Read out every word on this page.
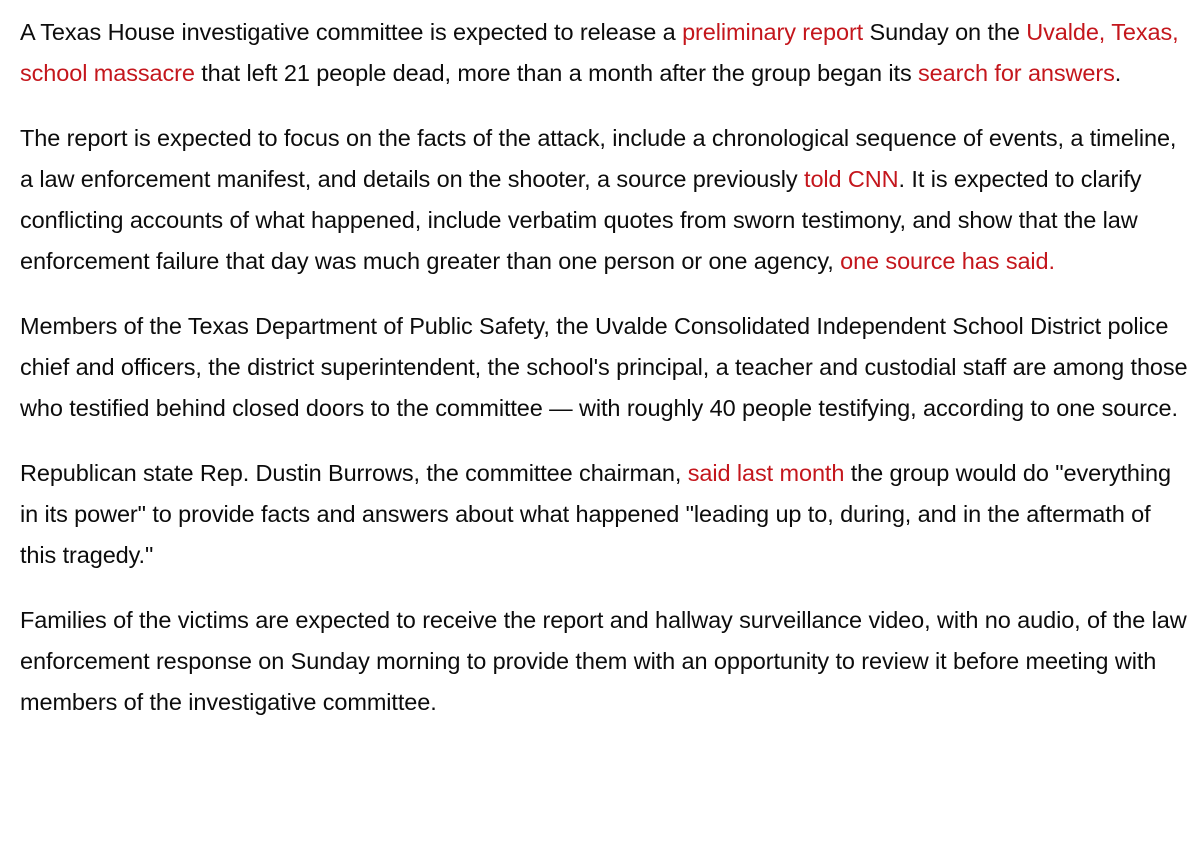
A Texas House investigative committee is expected to release a preliminary report Sunday on the Uvalde, Texas, school massacre that left 21 people dead, more than a month after the group began its search for answers.

The report is expected to focus on the facts of the attack, include a chronological sequence of events, a timeline, a law enforcement manifest, and details on the shooter, a source previously told CNN. It is expected to clarify conflicting accounts of what happened, include verbatim quotes from sworn testimony, and show that the law enforcement failure that day was much greater than one person or one agency, one source has said.

Members of the Texas Department of Public Safety, the Uvalde Consolidated Independent School District police chief and officers, the district superintendent, the school's principal, a teacher and custodial staff are among those who testified behind closed doors to the committee — with roughly 40 people testifying, according to one source.

Republican state Rep. Dustin Burrows, the committee chairman, said last month the group would do "everything in its power" to provide facts and answers about what happened "leading up to, during, and in the aftermath of this tragedy."

Families of the victims are expected to receive the report and hallway surveillance video, with no audio, of the law enforcement response on Sunday morning to provide them with an opportunity to review it before meeting with members of the investigative committee.
